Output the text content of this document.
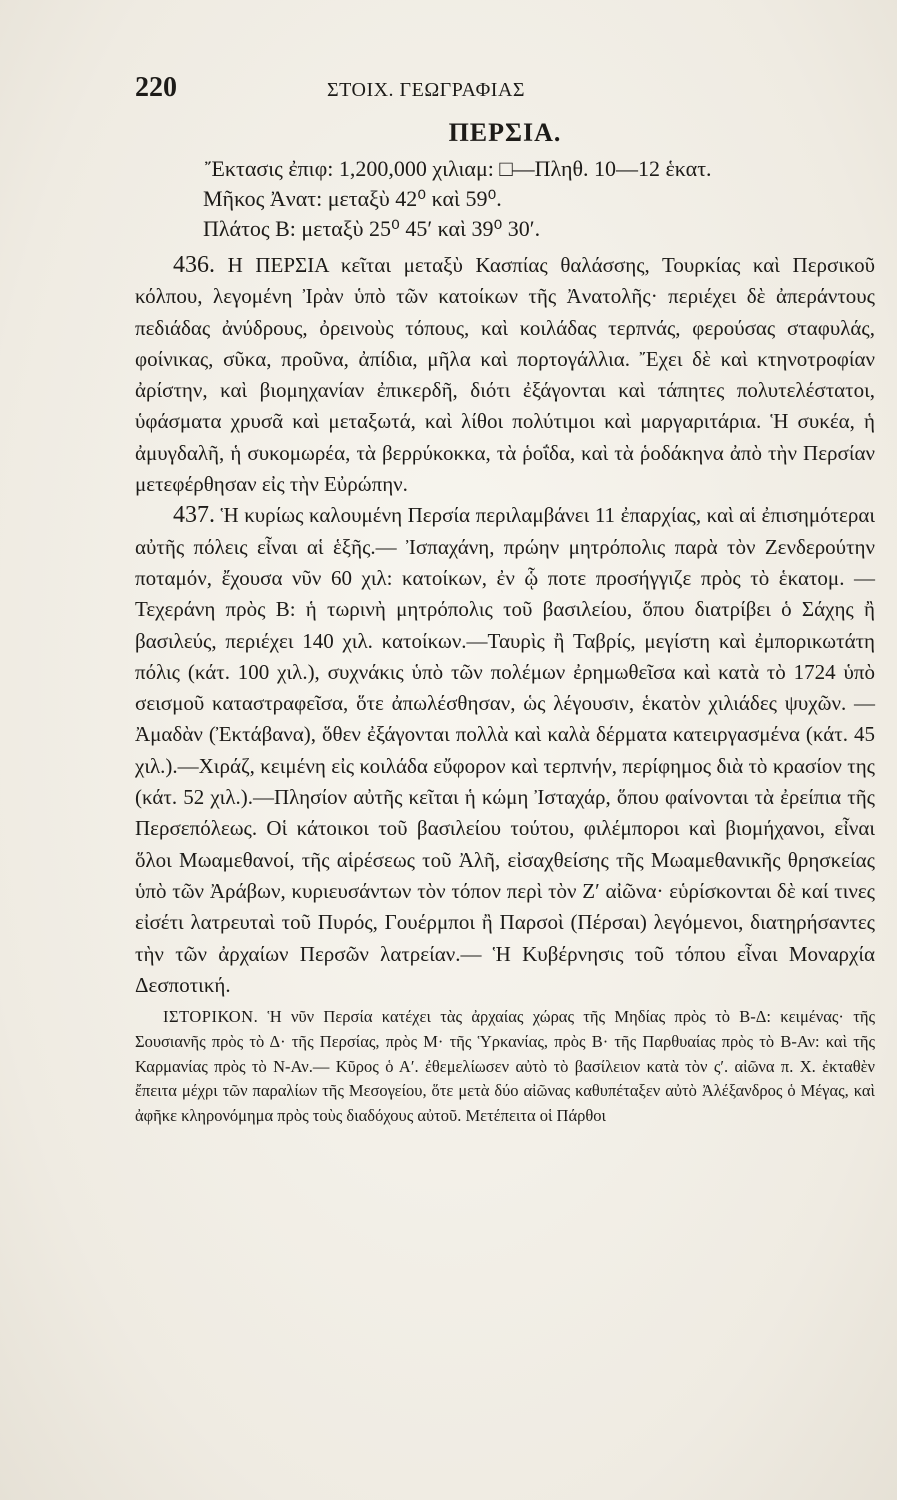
220	ΣΤΟΙΧ. ΓΕΩΓΡΑΦΙΑΣ
ΠΕΡΣΙΑ.
Ἔκτασις ἐπιφ: 1,200,000 χιλιαμ: □—Πληθ. 10—12 ἑκατ.
Μῆκος Ἀνατ: μεταξὺ 42⁰ καὶ 59⁰.
Πλάτος Β: μεταξὺ 25⁰ 45′ καὶ 39⁰ 30′.

436. Η ΠΕΡΣΙΑ κεῖται μεταξὺ Κασπίας θαλάσσης, Τουρκίας καὶ Περσικοῦ κόλπου, λεγομένη Ἰρὰν ὑπὸ τῶν κατοίκων τῆς Ἀνατολῆς· περιέχει δὲ ἀπεράντους πεδιάδας ἀνύδρους, ὀρεινοὺς τόπους, καὶ κοιλάδας τερπνάς, φερούσας σταφυλάς, φοίνικας, σῦκα, προῦνα, ἀπίδια, μῆλα καὶ πορτογάλλια. Ἔχει δὲ καὶ κτηνοτροφίαν ἀρίστην, καὶ βιομηχανίαν ἐπικερδῆ, διότι ἐξάγονται καὶ τάπητες πολυτελέστατοι, ὑφάσματα χρυσᾶ καὶ μεταξωτά, καὶ λίθοι πολύτιμοι καὶ μαργαριτάρια. Ἡ συκέα, ἡ ἀμυγδαλῆ, ἡ συκομωρέα, τὰ βερρύκοκκα, τὰ ῥοΐδα, καὶ τὰ ῥοδάκηνα ἀπὸ τὴν Περσίαν μετεφέρθησαν εἰς τὴν Εὐρώπην.

437. Ἡ κυρίως καλουμένη Περσία περιλαμβάνει 11 ἐπαρχίας, καὶ αἱ ἐπισημότεραι αὐτῆς πόλεις εἶναι αἱ ἑξῆς.— Ἰσπαχάνη, πρώην μητρόπολις παρὰ τὸν Ζενδερούτην ποταμόν, ἔχουσα νῦν 60 χιλ: κατοίκων, ἐν ᾧ ποτε προσήγγιζε πρὸς τὸ ἑκατομ. — Τεχεράνη πρὸς Β: ἡ τωρινὴ μητρόπολις τοῦ βασιλείου, ὅπου διατρίβει ὁ Σάχης ἢ βασιλεύς, περιέχει 140 χιλ. κατοίκων.—Ταυρὶς ἢ Ταβρίς, μεγίστη καὶ ἐμπορικωτάτη πόλις (κάτ. 100 χιλ.), συχνάκις ὑπὸ τῶν πολέμων ἐρημωθεῖσα καὶ κατὰ τὸ 1724 ὑπὸ σεισμοῦ καταστραφεῖσα, ὅτε ἀπωλέσθησαν, ὡς λέγουσιν, ἑκατὸν χιλιάδες ψυχῶν. — Ἀμαδὰν (Ἐκτάβανα), ὅθεν ἐξάγονται πολλὰ καὶ καλὰ δέρματα κατειργασμένα (κάτ. 45 χιλ.).—Χιράζ, κειμένη εἰς κοιλάδα εὔφορον καὶ τερπνήν, περίφημος διὰ τὸ κρασίον της (κάτ. 52 χιλ.).—Πλησίον αὐτῆς κεῖται ἡ κώμη Ἰσταχάρ, ὅπου φαίνονται τὰ ἐρείπια τῆς Περσεπόλεως. Οἱ κάτοικοι τοῦ βασιλείου τούτου, φιλέμποροι καὶ βιομήχανοι, εἶναι ὅλοι Μωαμεθανοί, τῆς αἱρέσεως τοῦ Ἀλῆ, εἰσαχθείσης τῆς Μωαμεθανικῆς θρησκείας ὑπὸ τῶν Ἀράβων, κυριευσάντων τὸν τόπον περὶ τὸν Ζ′ αἰῶνα· εὑρίσκονται δὲ καί τινες εἰσέτι λατρευταὶ τοῦ Πυρός, Γουέρμποι ἢ Παρσοὶ (Πέρσαι) λεγόμενοι, διατηρήσαντες τὴν τῶν ἀρχαίων Περσῶν λατρείαν.— Ἡ Κυβέρνησις τοῦ τόπου εἶναι Μοναρχία Δεσποτική.

ΙΣΤΟΡΙΚΟΝ. Ἡ νῦν Περσία κατέχει τὰς ἀρχαίας χώρας τῆς Μηδίας πρὸς τὸ Β-Δ: κειμένας· τῆς Σουσιανῆς πρὸς τὸ Δ· τῆς Περσίας, πρὸς Μ· τῆς Ὑρκανίας, πρὸς Β· τῆς Παρθυαίας πρὸς τὸ Β-Αν: καὶ τῆς Καρμανίας πρὸς τὸ Ν-Αν.— Κῦρος ὁ Α′. ἐθεμελίωσεν αὐτὸ τὸ βασίλειον κατὰ τὸν ς′. αἰῶνα π. Χ. ἐκταθὲν ἔπειτα μέχρι τῶν παραλίων τῆς Μεσογείου, ὅτε μετὰ δύο αἰῶνας καθυπέταξεν αὐτὸ Ἀλέξανδρος ὁ Μέγας, καὶ ἀφῆκε κληρονόμημα πρὸς τοὺς διαδόχους αὐτοῦ. Μετέπειτα οἱ Πάρθοι
